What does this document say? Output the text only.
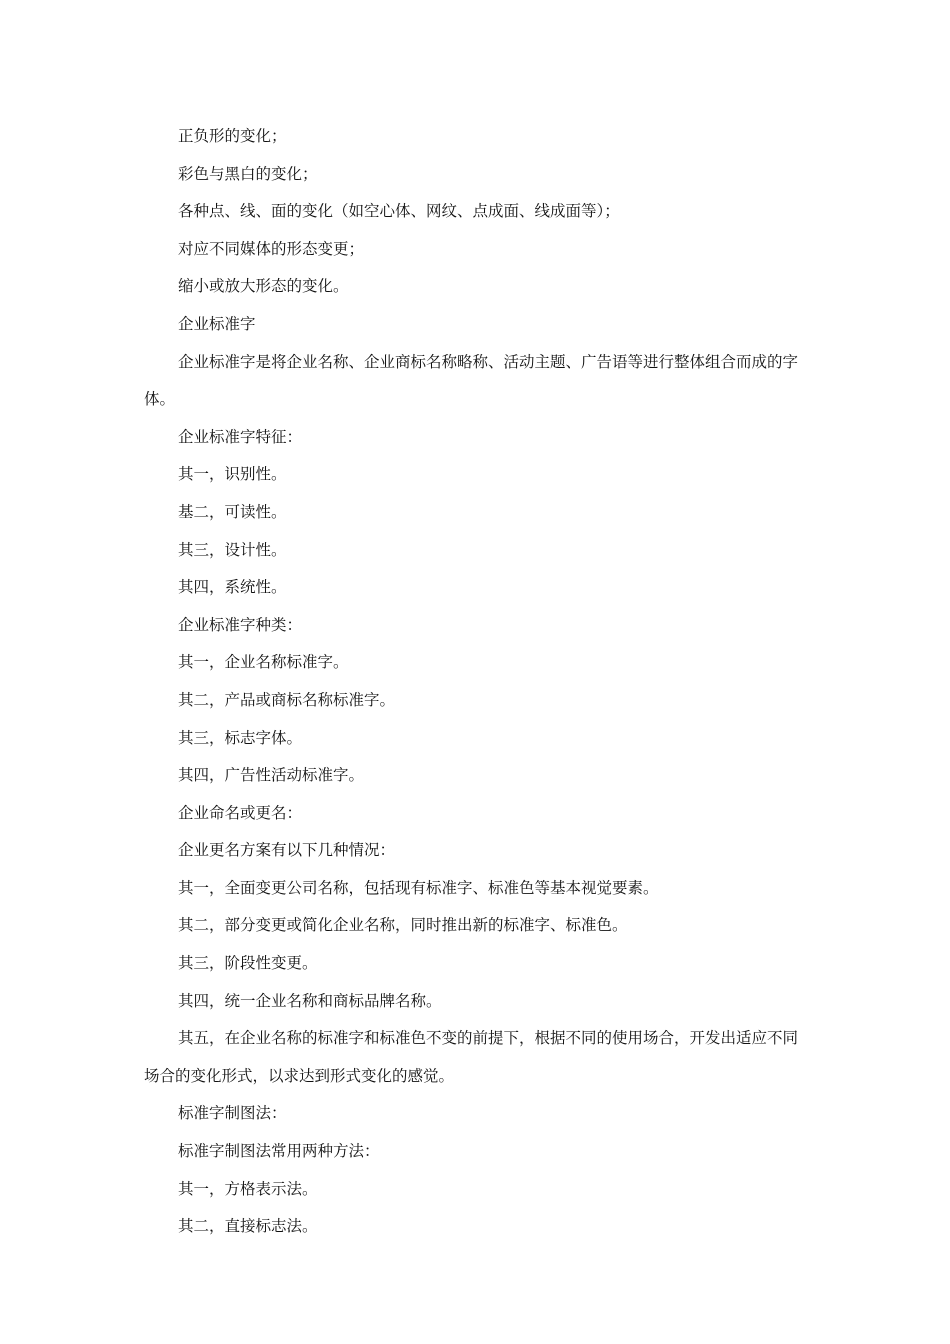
正负形的变化；

彩色与黑白的变化；

各种点、线、面的变化（如空心体、网纹、点成面、线成面等）；

对应不同媒体的形态变更；

缩小或放大形态的变化。

企业标准字

企业标准字是将企业名称、企业商标名称略称、活动主题、广告语等进行整体组合而成的字体。

企业标准字特征：

其一，识别性。

基二，可读性。

其三，设计性。

其四，系统性。

企业标准字种类：

其一，企业名称标准字。

其二，产品或商标名称标准字。

其三，标志字体。

其四，广告性活动标准字。

企业命名或更名：

企业更名方案有以下几种情况：

其一，全面变更公司名称，包括现有标准字、标准色等基本视觉要素。

其二，部分变更或简化企业名称，同时推出新的标准字、标准色。

其三，阶段性变更。

其四，统一企业名称和商标品牌名称。

其五，在企业名称的标准字和标准色不变的前提下，根据不同的使用场合，开发出适应不同场合的变化形式，以求达到形式变化的感觉。

标准字制图法：

标准字制图法常用两种方法：

其一，方格表示法。

其二，直接标志法。
